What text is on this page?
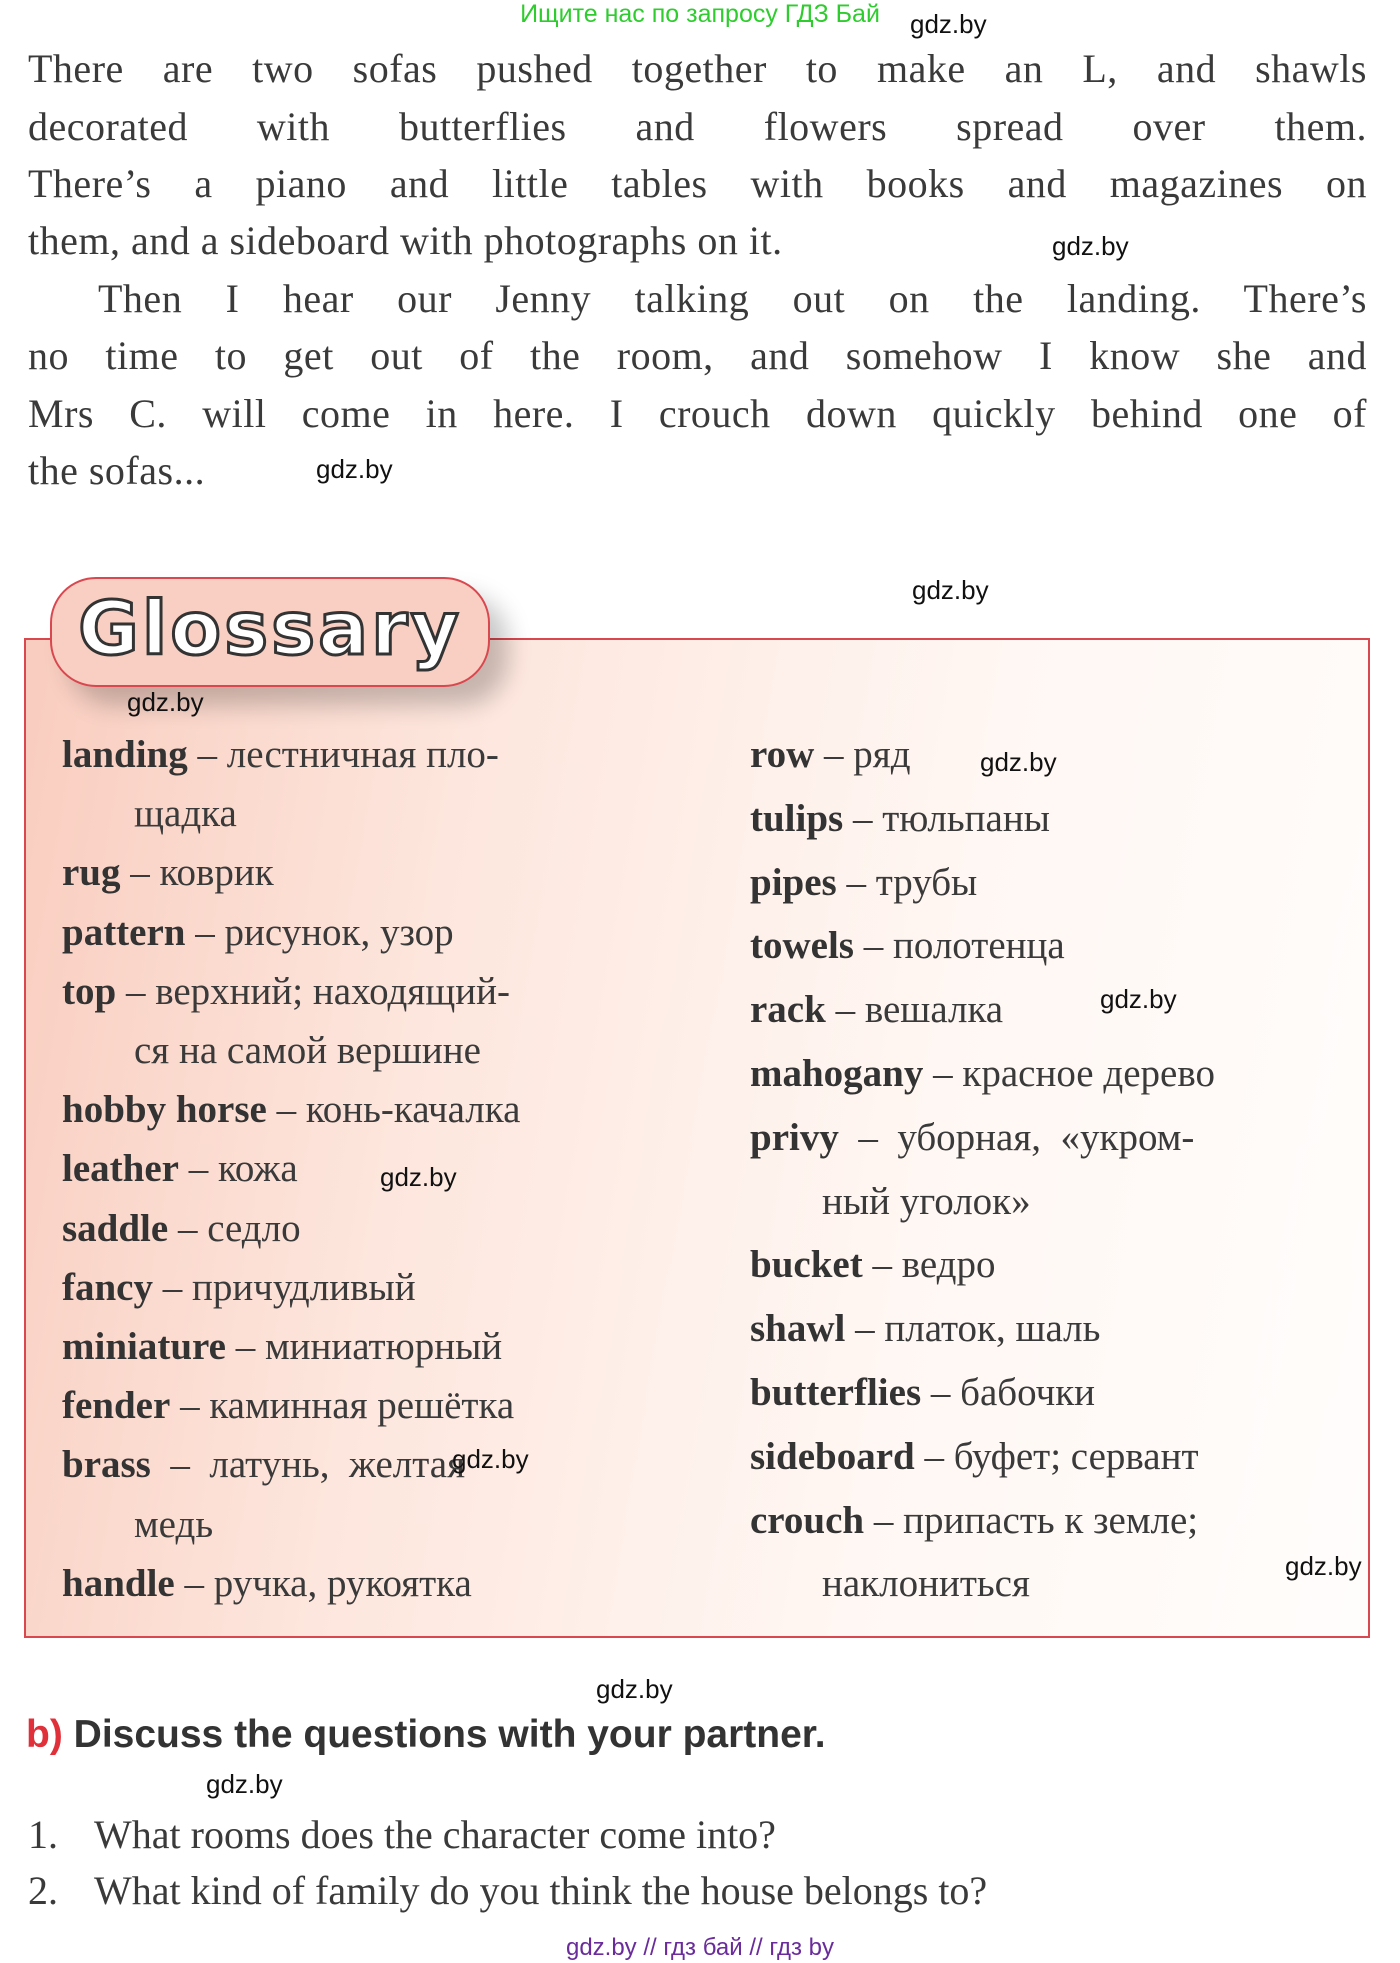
Ищите нас по запросу ГДЗ Бай
There are two sofas pushed together to make an L, and shawls
decorated with butterflies and flowers spread over them.
There’s a piano and little tables with books and magazines on
them, and a sideboard with photographs on it.
Then I hear our Jenny talking out on the landing. There’s
no time to get out of the room, and somehow I know she and
Mrs C. will come in here. I crouch down quickly behind one of
the sofas...
Glossary
landing – лестничная пло-
щадка
rug – коврик
pattern – рисунок, узор
top – верхний; находящий-
ся на самой вершине
hobby horse – конь-качалка
leather – кожа
saddle – седло
fancy – причудливый
miniature – миниатюрный
fender – каминная решётка
brass  –  латунь,  желтая
медь
handle – ручка, рукоятка
row – ряд
tulips – тюльпаны
pipes – трубы
towels – полотенца
rack – вешалка
mahogany – красное дерево
privy  –  уборная,  «укром-
ный уголок»
bucket – ведро
shawl – платок, шаль
butterflies – бабочки
sideboard – буфет; сервант
crouch – припасть к земле;
наклониться
b) Discuss the questions with your partner.
1. What rooms does the character come into?
2. What kind of family do you think the house belongs to?
gdz.by // гдз бай // гдз by
gdz.by
gdz.by
gdz.by
gdz.by
gdz.by
gdz.by
gdz.by
gdz.by
gdz.by
gdz.by
gdz.by
gdz.by
